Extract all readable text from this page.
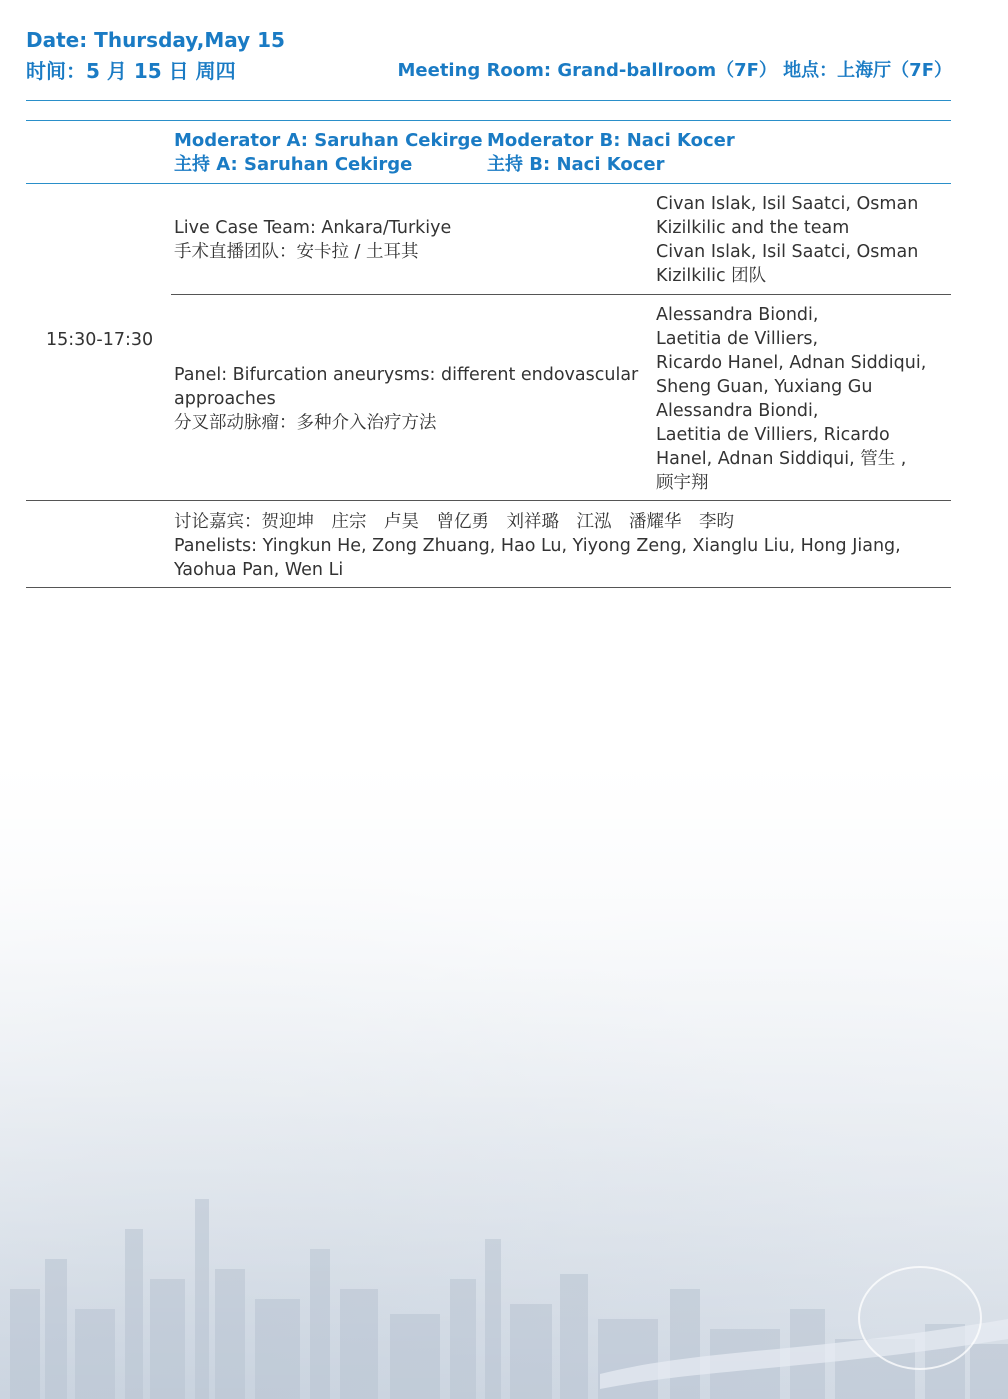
Date: Thursday,May 15
时间：5 月 15 日 周四	Meeting Room: Grand-ballroom（7F） 地点：上海厅（7F）
Moderator A: Saruhan Cekirge
主持 A: Saruhan Cekirge
Moderator B: Naci Kocer
主持 B: Naci Kocer
15:30-17:30
Live Case Team: Ankara/Turkiye
手术直播团队：安卡拉 / 土耳其
Civan Islak, Isil Saatci, Osman
Kizilkilic and the team
Civan Islak, Isil Saatci, Osman
Kizilkilic 团队
Panel: Bifurcation aneurysms: different endovascular
approaches
分叉部动脉瘤：多种介入治疗方法
Alessandra Biondi,
Laetitia de Villiers,
Ricardo Hanel, Adnan Siddiqui,
Sheng Guan, Yuxiang Gu
Alessandra Biondi,
Laetitia de Villiers, Ricardo
Hanel, Adnan Siddiqui, 管生 ,
顾宇翔
讨论嘉宾：贺迎坤　庄宗　卢昊　曾亿勇　刘祥璐　江泓　潘耀华　李昀
Panelists: Yingkun He, Zong Zhuang, Hao Lu, Yiyong Zeng, Xianglu Liu, Hong Jiang,
Yaohua Pan, Wen Li
